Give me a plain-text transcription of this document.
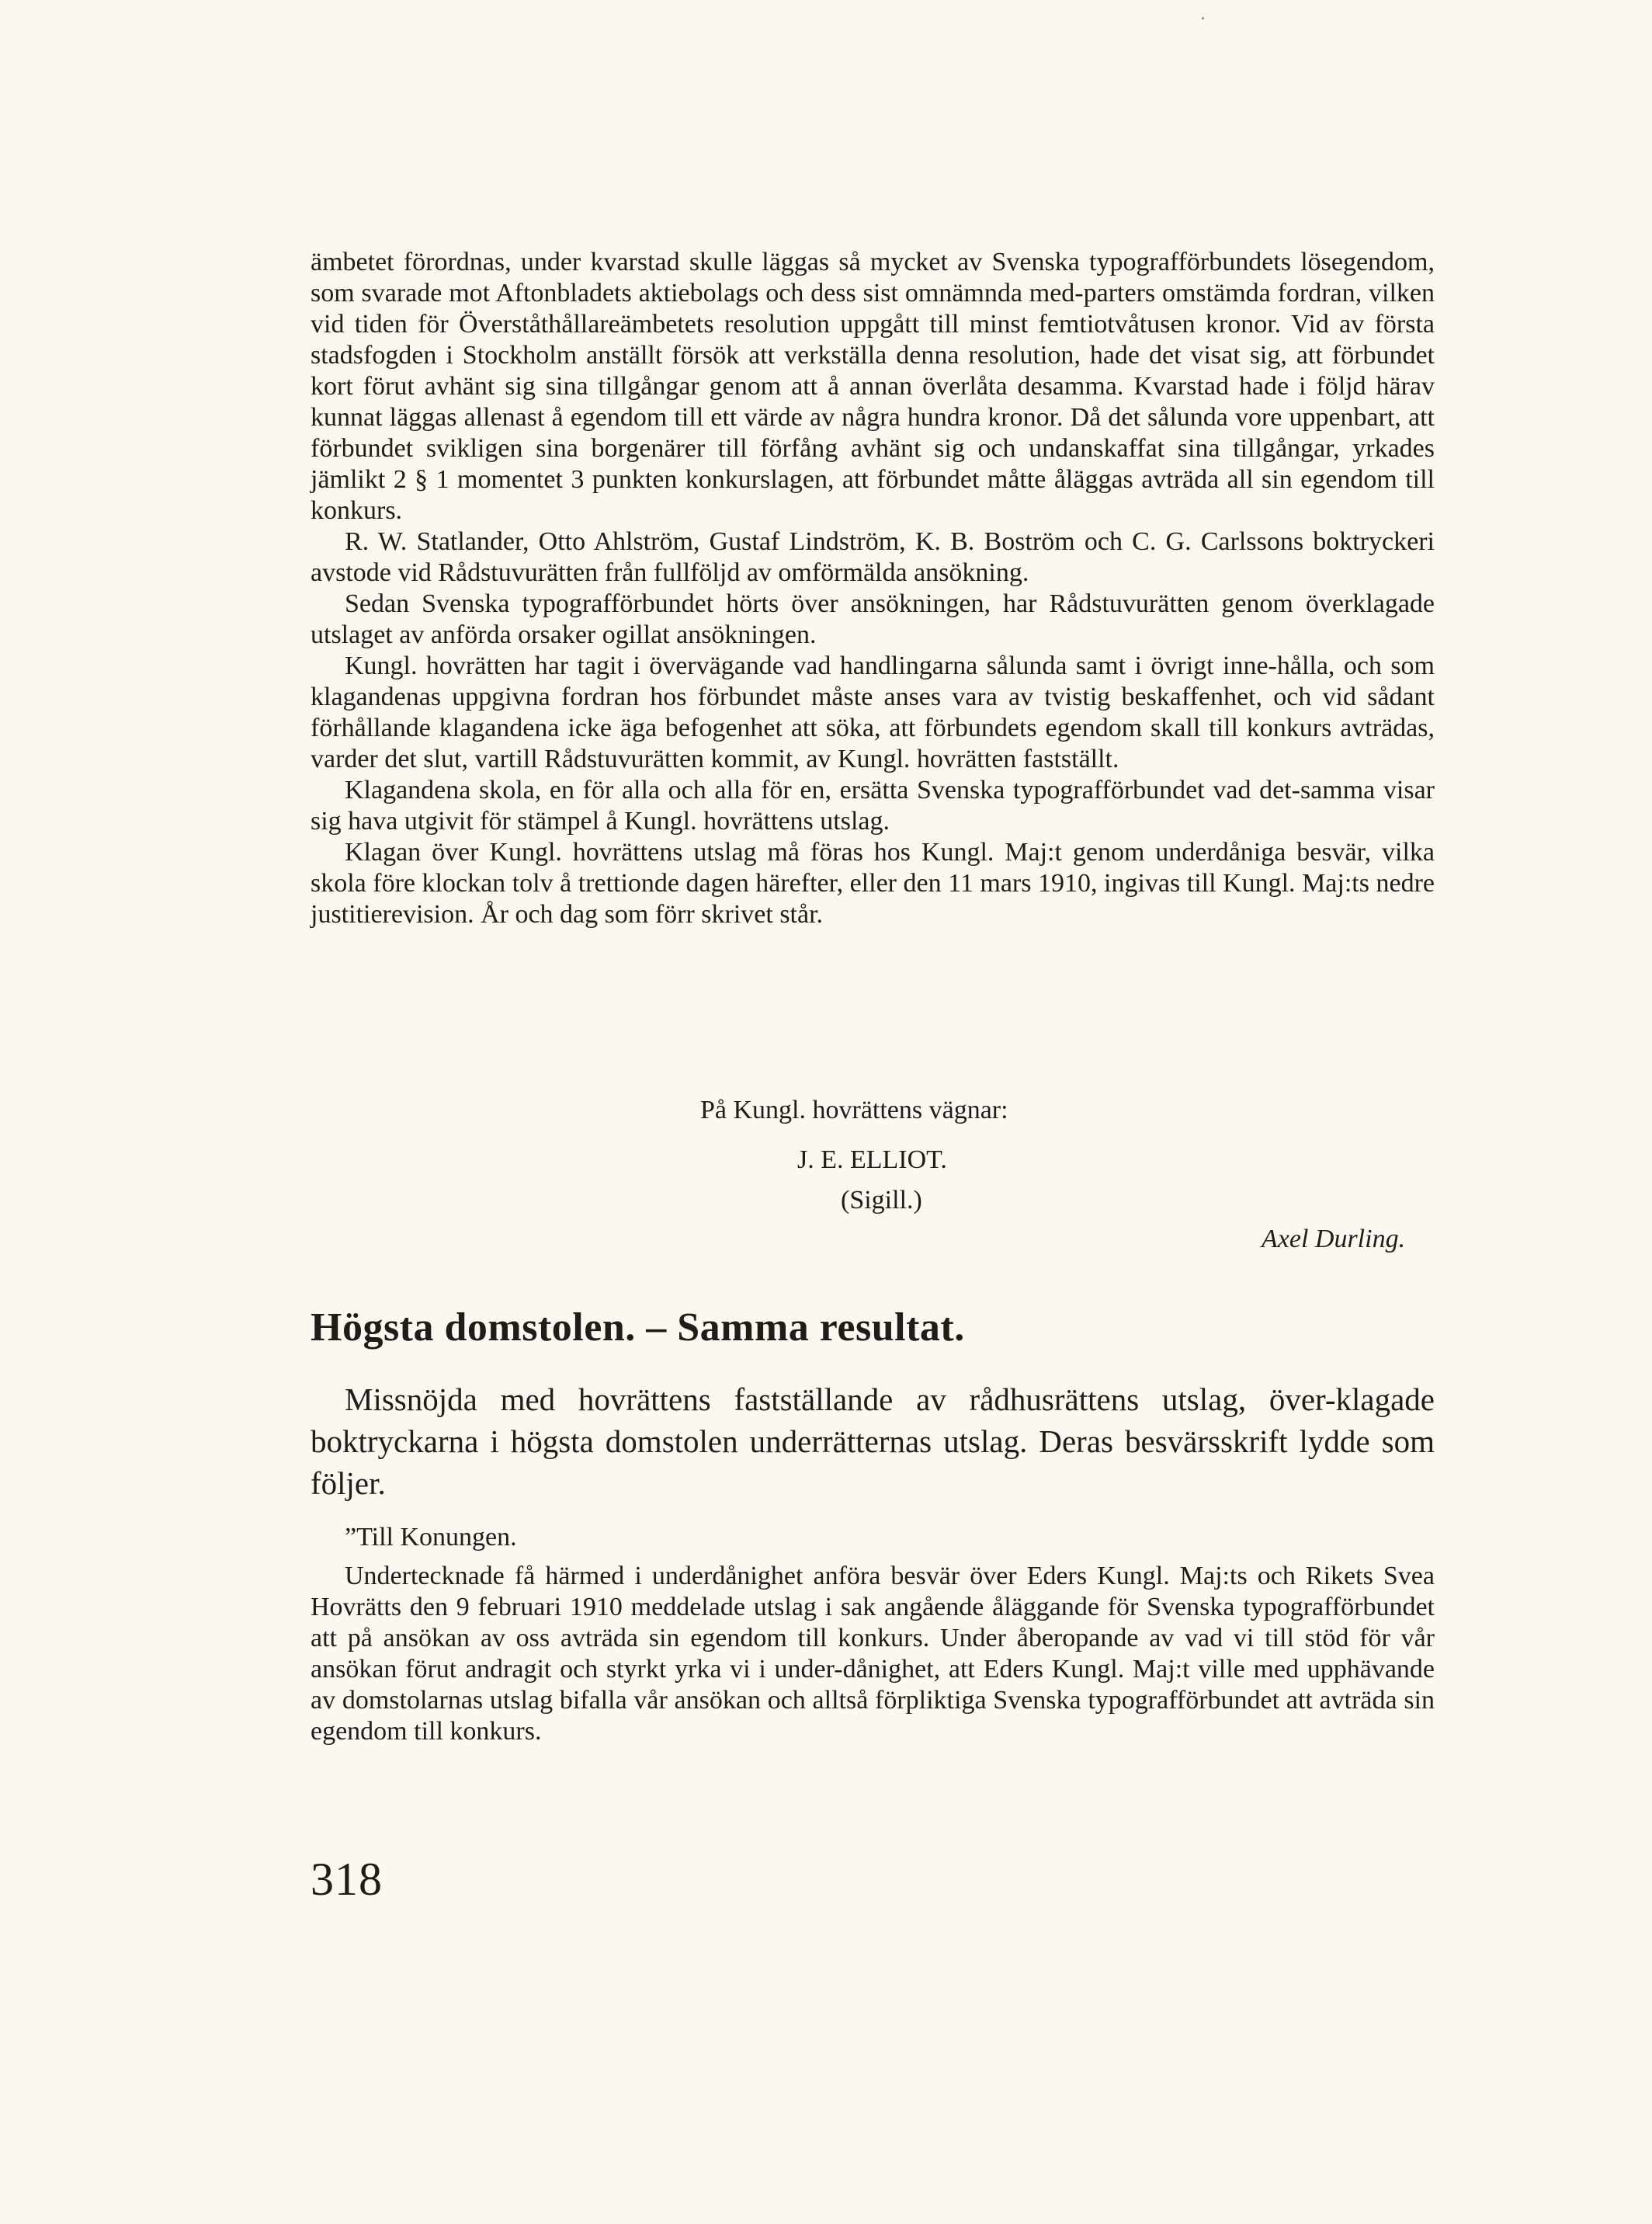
ämbetet förordnas, under kvarstad skulle läggas så mycket av Svenska typografförbundets lösegendom, som svarade mot Aftonbladets aktiebolags och dess sist omnämnda med-parters omstämda fordran, vilken vid tiden för Överståthållareämbetets resolution uppgått till minst femtiotvåtusen kronor. Vid av första stadsfogden i Stockholm anställt försök att verkställa denna resolution, hade det visat sig, att förbundet kort förut avhänt sig sina tillgångar genom att å annan överlåta desamma. Kvarstad hade i följd härav kunnat läggas allenast å egendom till ett värde av några hundra kronor. Då det sålunda vore uppenbart, att förbundet svikligen sina borgenärer till förfång avhänt sig och undanskaffat sina tillgångar, yrkades jämlikt 2 § 1 momentet 3 punkten konkurslagen, att förbundet måtte åläggas avträda all sin egendom till konkurs.

R. W. Statlander, Otto Ahlström, Gustaf Lindström, K. B. Boström och C. G. Carlssons boktryckeri avstode vid Rådstuvurätten från fullföljd av omförmälda ansökning.

Sedan Svenska typografförbundet hörts över ansökningen, har Rådstuvurätten genom överklagade utslaget av anförda orsaker ogillat ansökningen.

Kungl. hovrätten har tagit i övervägande vad handlingarna sålunda samt i övrigt inne-hålla, och som klagandenas uppgivna fordran hos förbundet måste anses vara av tvistig beskaffenhet, och vid sådant förhållande klagandena icke äga befogenhet att söka, att förbundets egendom skall till konkurs avträdas, varder det slut, vartill Rådstuvurätten kommit, av Kungl. hovrätten fastställt.

Klagandena skola, en för alla och alla för en, ersätta Svenska typografförbundet vad det-samma visar sig hava utgivit för stämpel å Kungl. hovrättens utslag.

Klagan över Kungl. hovrättens utslag må föras hos Kungl. Maj:t genom underdåniga besvär, vilka skola före klockan tolv å trettionde dagen härefter, eller den 11 mars 1910, ingivas till Kungl. Maj:ts nedre justitierevision. År och dag som förr skrivet står.

På Kungl. hovrättens vägnar:
J. E. ELLIOT.
(Sigill.)
Axel Durling.
Högsta domstolen. – Samma resultat.

Missnöjda med hovrättens fastställande av rådhusrättens utslag, över-klagade boktryckarna i högsta domstolen underrätternas utslag. Deras besvärsskrift lydde som följer.

”Till Konungen.

Undertecknade få härmed i underdånighet anföra besvär över Eders Kungl. Maj:ts och Rikets Svea Hovrätts den 9 februari 1910 meddelade utslag i sak angående åläggande för Svenska typografförbundet att på ansökan av oss avträda sin egendom till konkurs. Under åberopande av vad vi till stöd för vår ansökan förut andragit och styrkt yrka vi i under-dånighet, att Eders Kungl. Maj:t ville med upphävande av domstolarnas utslag bifalla vår ansökan och alltså förpliktiga Svenska typografförbundet att avträda sin egendom till konkurs.

318
